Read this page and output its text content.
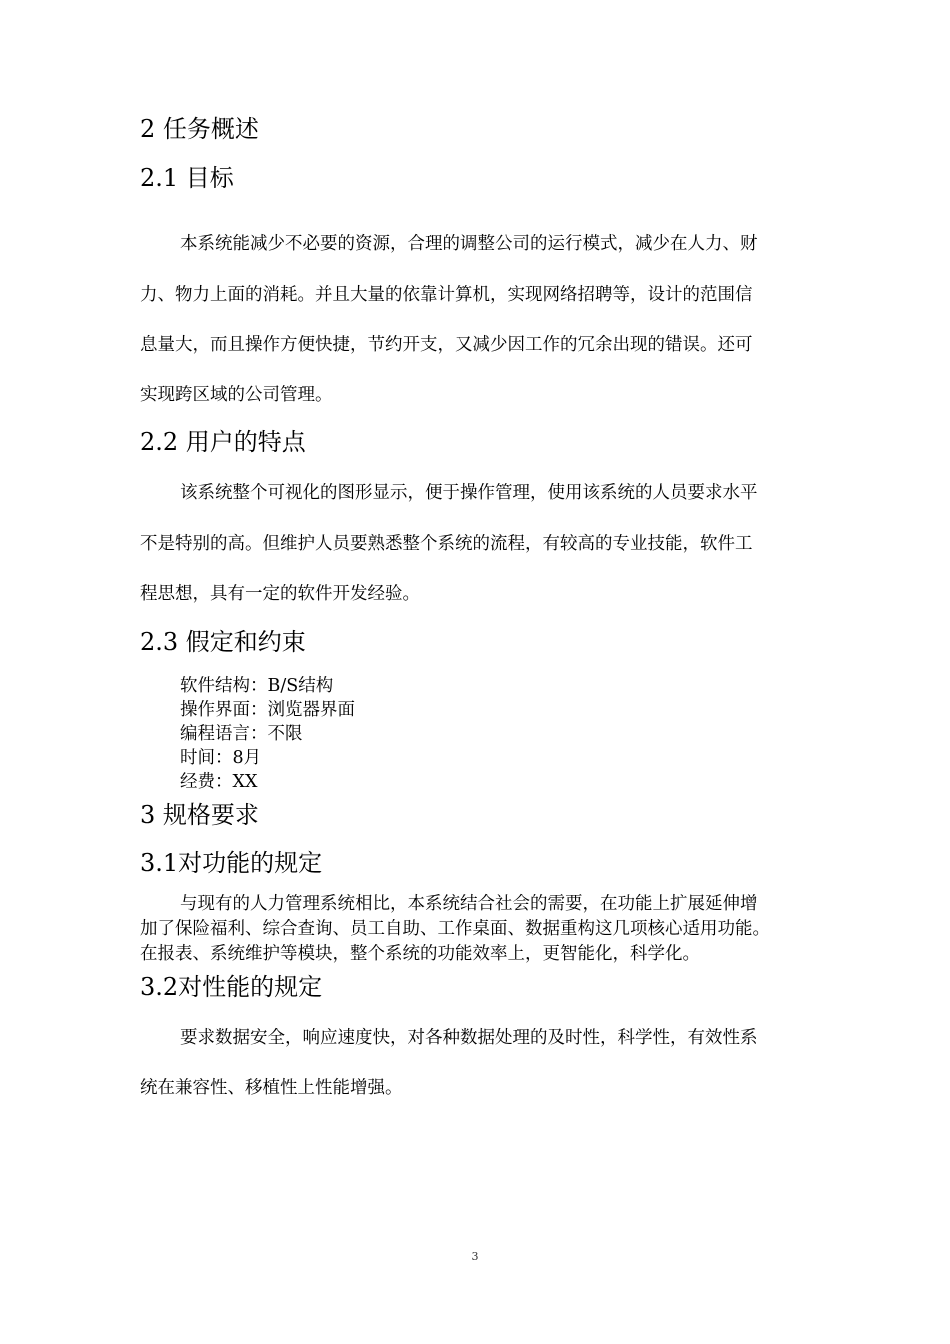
2 任务概述
2.1 目标
本系统能减少不必要的资源，合理的调整公司的运行模式，减少在人力、财
力、物力上面的消耗。并且大量的依靠计算机，实现网络招聘等，设计的范围信
息量大，而且操作方便快捷，节约开支，又减少因工作的冗余出现的错误。还可
实现跨区域的公司管理。
2.2 用户的特点
该系统整个可视化的图形显示，便于操作管理，使用该系统的人员要求水平
不是特别的高。但维护人员要熟悉整个系统的流程，有较高的专业技能，软件工
程思想，具有一定的软件开发经验。
2.3 假定和约束
软件结构：B/S结构
操作界面：浏览器界面
编程语言：不限
时间：8月
经费：XX
3 规格要求
3.1对功能的规定
与现有的人力管理系统相比，本系统结合社会的需要，在功能上扩展延伸增
加了保险福利、综合查询、员工自助、工作桌面、数据重构这几项核心适用功能。
在报表、系统维护等模块，整个系统的功能效率上，更智能化，科学化。
3.2对性能的规定
要求数据安全，响应速度快，对各种数据处理的及时性，科学性，有效性系
统在兼容性、移植性上性能增强。
3
